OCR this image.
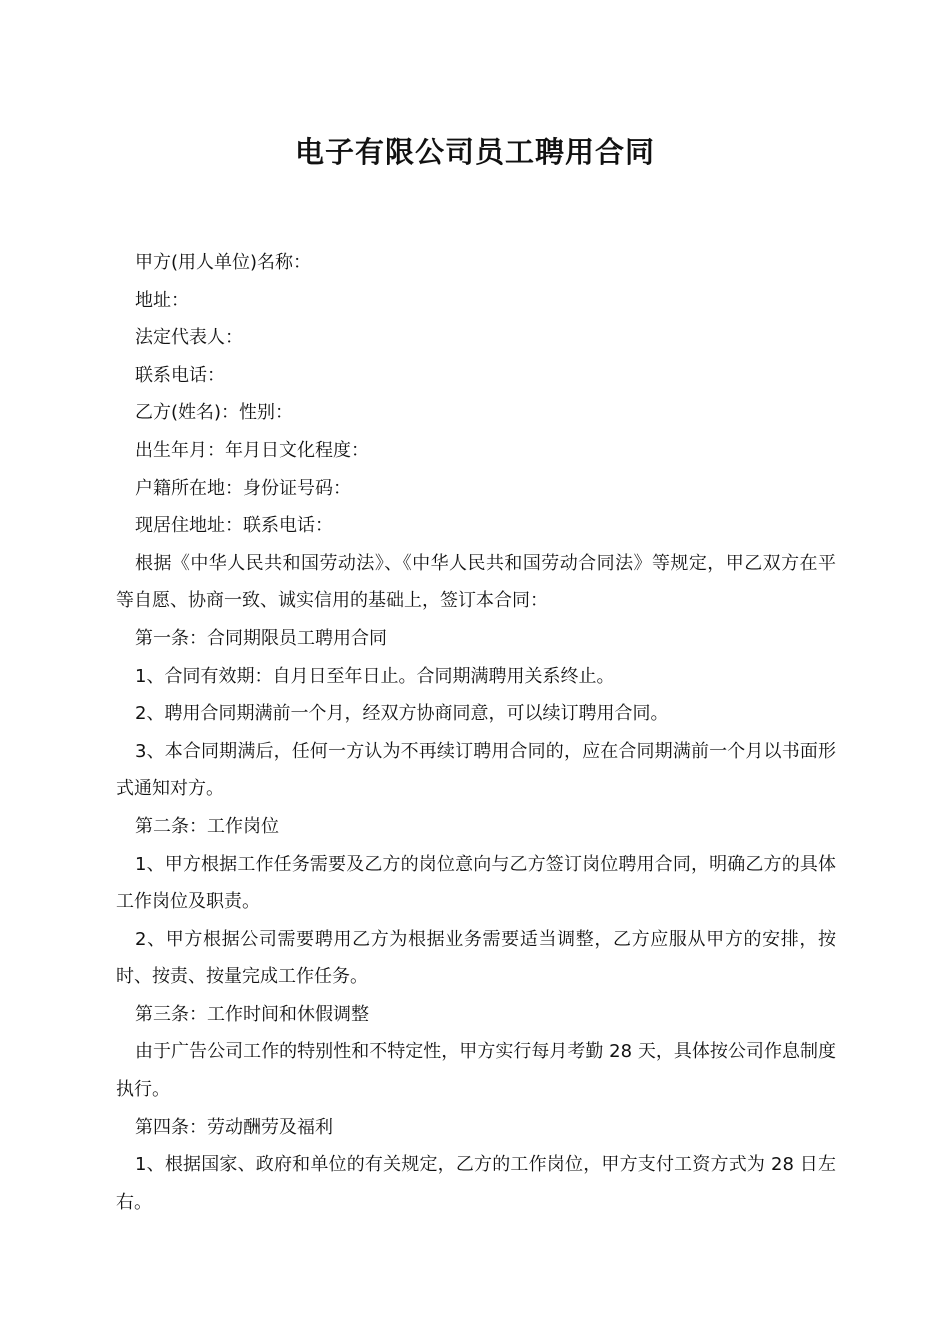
电子有限公司员工聘用合同

甲方(用人单位)名称：

地址：

法定代表人：

联系电话：

乙方(姓名)：性别：

出生年月：年月日文化程度：

户籍所在地：身份证号码：

现居住地址：联系电话：

根据《中华人民共和国劳动法》、《中华人民共和国劳动合同法》等规定，甲乙双方在平等自愿、协商一致、诚实信用的基础上，签订本合同：

第一条：合同期限员工聘用合同

1、合同有效期：自月日至年日止。合同期满聘用关系终止。

2、聘用合同期满前一个月，经双方协商同意，可以续订聘用合同。

3、本合同期满后，任何一方认为不再续订聘用合同的，应在合同期满前一个月以书面形式通知对方。

第二条：工作岗位

1、甲方根据工作任务需要及乙方的岗位意向与乙方签订岗位聘用合同，明确乙方的具体工作岗位及职责。

2、甲方根据公司需要聘用乙方为根据业务需要适当调整，乙方应服从甲方的安排，按时、按责、按量完成工作任务。

第三条：工作时间和休假调整

由于广告公司工作的特别性和不特定性，甲方实行每月考勤 28 天，具体按公司作息制度执行。

第四条：劳动酬劳及福利

1、根据国家、政府和单位的有关规定，乙方的工作岗位，甲方支付工资方式为 28 日左右。
